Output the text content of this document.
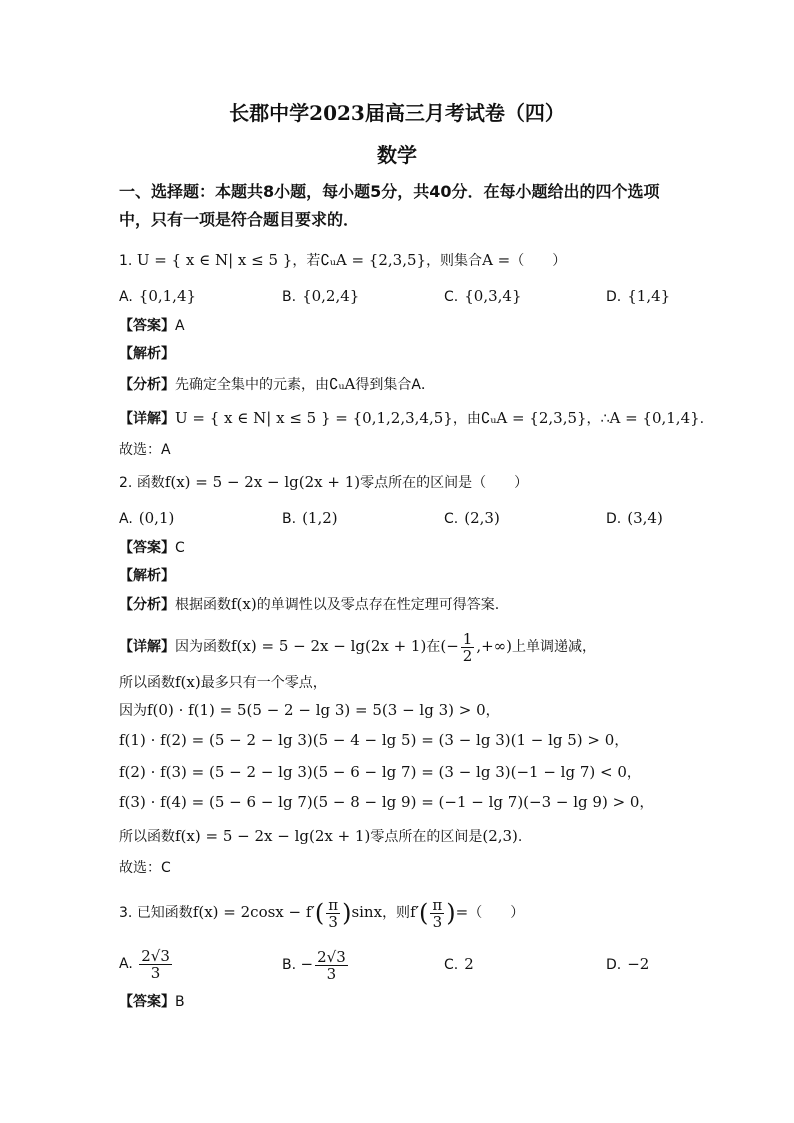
长郡中学2023届高三月考试卷（四）
数学
一、选择题：本题共8小题，每小题5分，共40分．在每小题给出的四个选项
中，只有一项是符合题目要求的．
1. U = { x ∈ N| x ≤ 5 }，若∁ᵤA = {2,3,5}，则集合A =（　　）
A. {0,1,4}	B. {0,2,4}	C. {0,3,4}	D. {1,4}
【答案】A
【解析】
【分析】先确定全集中的元素，由∁ᵤA得到集合A．
【详解】U = { x ∈ N| x ≤ 5 } = {0,1,2,3,4,5}，由∁ᵤA = {2,3,5}，∴A = {0,1,4}.
故选：A
2. 函数f(x) = 5 − 2x − lg(2x + 1)零点所在的区间是（　　）
A. (0,1)	B. (1,2)	C. (2,3)	D. (3,4)
【答案】C
【解析】
【分析】根据函数f(x)的单调性以及零点存在性定理可得答案.
【详解】因为函数f(x) = 5 − 2x − lg(2x + 1)在(− $\frac{1}{2}$ ,+∞)上单调递减，
所以函数f(x)最多只有一个零点，
因为f(0) · f(1) = 5(5 − 2 − lg 3) = 5(3 − lg 3) > 0，
f(1) · f(2) = (5 − 2 − lg 3)(5 − 4 − lg 5) = (3 − lg 3)(1 − lg 5) > 0，
f(2) · f(3) = (5 − 2 − lg 3)(5 − 6 − lg 7) = (3 − lg 3)(−1 − lg 7) < 0，
f(3) · f(4) = (5 − 6 − lg 7)(5 − 8 − lg 9) = (−1 − lg 7)(−3 − lg 9) > 0，
所以函数f(x) = 5 − 2x − lg(2x + 1)零点所在的区间是(2,3).
故选：C
3. 已知函数$f(x) = 2\cos x - f'( \frac{\pi}{3} )\sin x$，则$f'( \frac{\pi}{3}$ )=（　　）
A. $\frac{2√3}{3}$	B. − $\frac{2√3}{3}$	C. 2	D. −2
【答案】B
